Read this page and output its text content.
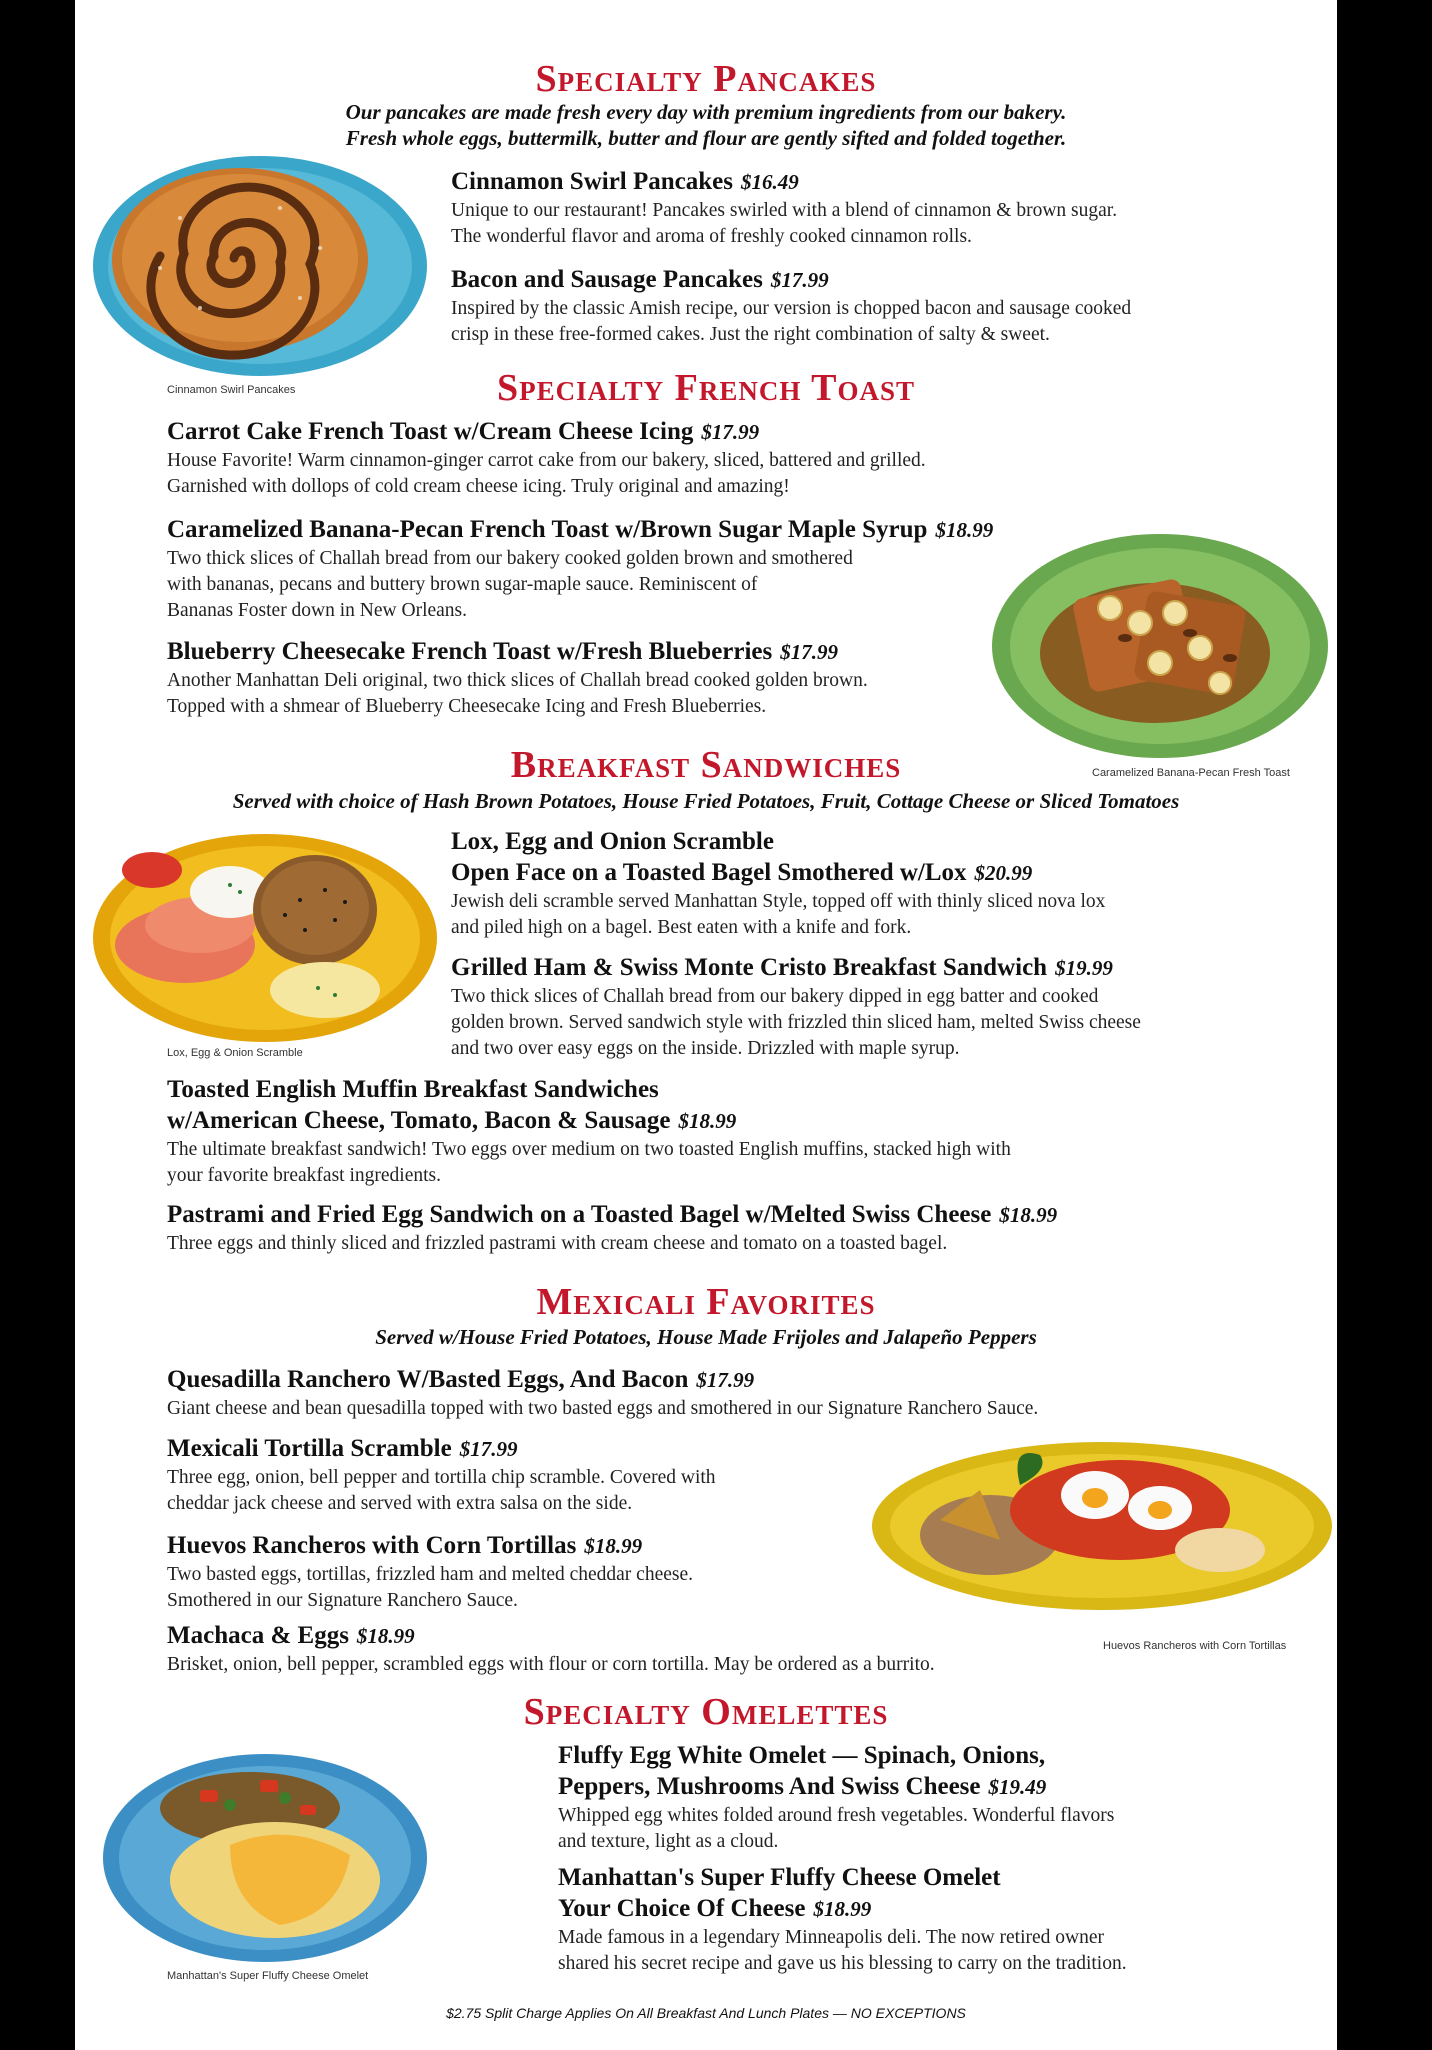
Specialty Pancakes
Our pancakes are made fresh every day with premium ingredients from our bakery.
Fresh whole eggs, buttermilk, butter and flour are gently sifted and folded together.
Cinnamon Swirl Pancakes
Cinnamon Swirl Pancakes $16.49
Unique to our restaurant! Pancakes swirled with a blend of cinnamon & brown sugar.
The wonderful flavor and aroma of freshly cooked cinnamon rolls.
Bacon and Sausage Pancakes $17.99
Inspired by the classic Amish recipe, our version is chopped bacon and sausage cooked
crisp in these free-formed cakes. Just the right combination of salty & sweet.
Specialty French Toast
Carrot Cake French Toast w/Cream Cheese Icing $17.99
House Favorite! Warm cinnamon-ginger carrot cake from our bakery, sliced, battered and grilled.
Garnished with dollops of cold cream cheese icing. Truly original and amazing!
Caramelized Banana-Pecan French Toast w/Brown Sugar Maple Syrup $18.99
Two thick slices of Challah bread from our bakery cooked golden brown and smothered
with bananas, pecans and buttery brown sugar-maple sauce. Reminiscent of
Bananas Foster down in New Orleans.
Caramelized Banana-Pecan Fresh Toast
Blueberry Cheesecake French Toast w/Fresh Blueberries $17.99
Another Manhattan Deli original, two thick slices of Challah bread cooked golden brown.
Topped with a shmear of Blueberry Cheesecake Icing and Fresh Blueberries.
Breakfast Sandwiches
Served with choice of Hash Brown Potatoes, House Fried Potatoes, Fruit, Cottage Cheese or Sliced Tomatoes
Lox, Egg & Onion Scramble
Lox, Egg and Onion Scramble
Open Face on a Toasted Bagel Smothered w/Lox $20.99
Jewish deli scramble served Manhattan Style, topped off with thinly sliced nova lox
and piled high on a bagel. Best eaten with a knife and fork.
Grilled Ham & Swiss Monte Cristo Breakfast Sandwich $19.99
Two thick slices of Challah bread from our bakery dipped in egg batter and cooked
golden brown. Served sandwich style with frizzled thin sliced ham, melted Swiss cheese
and two over easy eggs on the inside. Drizzled with maple syrup.
Toasted English Muffin Breakfast Sandwiches
w/American Cheese, Tomato, Bacon & Sausage $18.99
The ultimate breakfast sandwich! Two eggs over medium on two toasted English muffins, stacked high with
your favorite breakfast ingredients.
Pastrami and Fried Egg Sandwich on a Toasted Bagel w/Melted Swiss Cheese $18.99
Three eggs and thinly sliced and frizzled pastrami with cream cheese and tomato on a toasted bagel.
Mexicali Favorites
Served w/House Fried Potatoes, House Made Frijoles and Jalapeño Peppers
Quesadilla Ranchero W/Basted Eggs, And Bacon $17.99
Giant cheese and bean quesadilla topped with two basted eggs and smothered in our Signature Ranchero Sauce.
Mexicali Tortilla Scramble $17.99
Three egg, onion, bell pepper and tortilla chip scramble. Covered with
cheddar jack cheese and served with extra salsa on the side.
Huevos Rancheros with Corn Tortillas $18.99
Two basted eggs, tortillas, frizzled ham and melted cheddar cheese.
Smothered in our Signature Ranchero Sauce.
Machaca & Eggs $18.99
Brisket, onion, bell pepper, scrambled eggs with flour or corn tortilla. May be ordered as a burrito.
Huevos Rancheros with Corn Tortillas
Specialty Omelettes
Manhattan's Super Fluffy Cheese Omelet
Fluffy Egg White Omelet — Spinach, Onions,
Peppers, Mushrooms And Swiss Cheese $19.49
Whipped egg whites folded around fresh vegetables. Wonderful flavors
and texture, light as a cloud.
Manhattan's Super Fluffy Cheese Omelet
Your Choice Of Cheese $18.99
Made famous in a legendary Minneapolis deli. The now retired owner
shared his secret recipe and gave us his blessing to carry on the tradition.
$2.75 Split Charge Applies On All Breakfast And Lunch Plates — NO EXCEPTIONS
